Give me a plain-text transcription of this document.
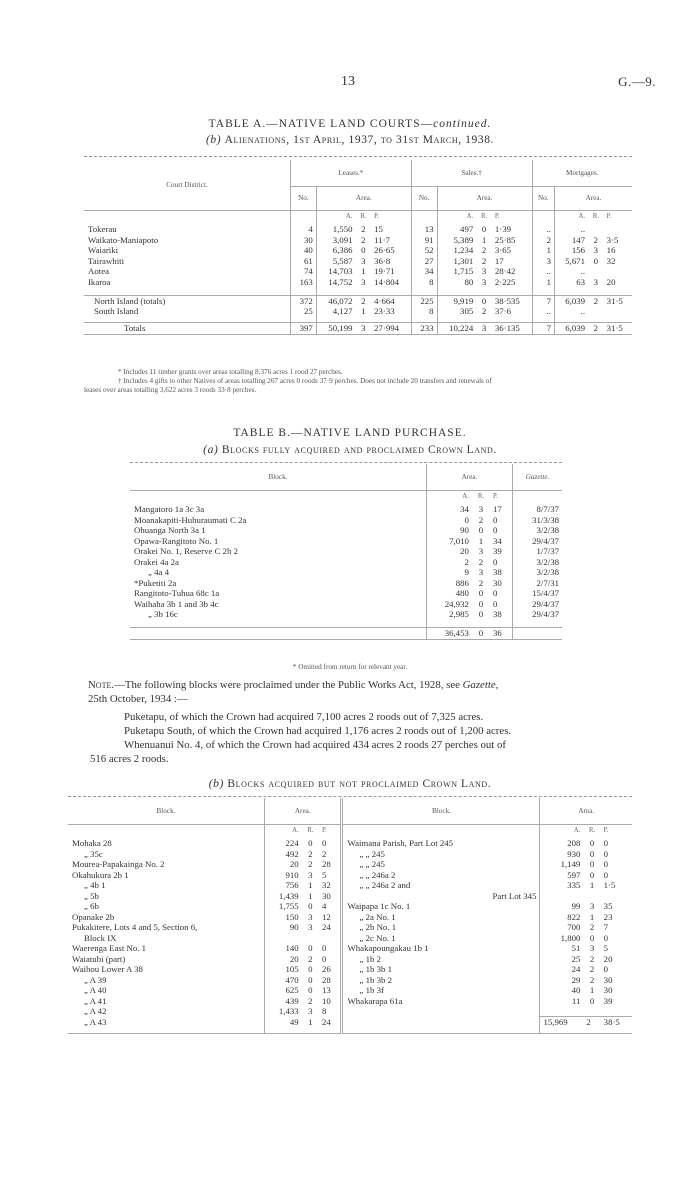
13	G.—9.
TABLE A.—NATIVE LAND COURTS—continued.
(b) Alienations, 1st April, 1937, to 31st March, 1938.
Court District.	Leases.*				Sales.†				Mortgages.			
	No.	Area.			No.	Area.			No.	Area.		
		A.	R.	P.		A.	R.	P.		A.	R.	P.
Tokerau	4	1,550	2	15	13	497	0	1·39	..	..		
Waikato-Maniapoto	30	3,091	2	11·7	91	5,389	1	25·85	2	147	2	3·5
Waiariki	40	6,386	0	26·65	52	1,234	2	3·65	1	156	3	16
Tairawhiti	61	5,587	3	36·8	27	1,301	2	17	3	5,671	0	32
Aotea	74	14,703	1	19·71	34	1,715	3	28·42	..	..		
Ikaroa	163	14,752	3	14·804	8	80	3	2·225	1	63	3	20

North Island (totals)	372	46,072	2	4·664	225	9,919	0	38·535	7	6,039	2	31·5
South Island	25	4,127	1	23·33	8	305	2	37·6	..	..		

Totals	397	50,199	3	27·994	233	10,224	3	36·135	7	6,039	2	31·5
* Includes 11 timber grants over areas totalling 8,376 acres 1 rood 27 perches.
† Includes 4 gifts to other Natives of areas totalling 267 acres 0 roods 37·9 perches. Does not include 20 transfers and renewals of
leases over areas totalling 3,622 acres 3 roods 33·8 perches.
TABLE B.—NATIVE LAND PURCHASE.
(a) Blocks fully acquired and proclaimed Crown Land.
Block.	Area.			Gazette.
	A.	R.	P.	
Mangatoro 1a 3c 3a	34	3	17	8/7/37
Moanakapiti-Huhuraumati C 2a	0	2	0	31/3/38
Ohuanga North 3a 1	90	0	0	3/2/38
Opawa-Rangitoto No. 1	7,010	1	34	29/4/37
Orakei No. 1, Reserve C 2b 2	20	3	39	1/7/37
Orakei 4a 2a	2	2	0	3/2/38
„ 4a 4	9	3	38	3/2/38
*Puketiti 2a	886	2	30	2/7/31
Rangitoto-Tuhua 68c 1a	480	0	0	15/4/37
Waihaha 3b 1 and 3b 4c	24,932	0	0	29/4/37
„ 3b 16c	2,985	0	38	29/4/37

	36,453	0	36	
* Omitted from return for relevant year.
Note.—The following blocks were proclaimed under the Public Works Act, 1928, see Gazette,
25th October, 1934 :—
Puketapu, of which the Crown had acquired 7,100 acres 2 roods out of 7,325 acres.
Puketapu South, of which the Crown had acquired 1,176 acres 2 roods out of 1,200 acres.
Whenuanui No. 4, of which the Crown had acquired 434 acres 2 roods 27 perches out of
516 acres 2 roods.
(b) Blocks acquired but not proclaimed Crown Land.
Block.	Area.			Block.	Area.		
	A.	R.	P.		A.	R.	P.
Mohaka 28	224	0	0	Waimana Parish, Part Lot 245	208	0	0
„ 35c	492	2	2	„ „ 245	930	0	0
Mourea-Papakainga No. 2	20	2	28	„ „ 245	1,149	0	0
Okahukura 2b 1	910	3	5	„ „ 246a 2	597	0	0
„ 4b 1	756	1	32	„ „ 246a 2 and	335	1	1·5
„ 5b	1,439	1	30	Part Lot 345			
„ 6b	1,755	0	4	Waipapa 1c No. 1	99	3	35
Opanake 2b	150	3	12	„ 2a No. 1	822	1	23
Pukakitere, Lots 4 and 5, Section 6,	90	3	24	„ 2b No. 1	700	2	7
Block IX				„ 2c No. 1	1,800	0	0
Waerenga East No. 1	140	0	0	Whakapoungakau 1b 1	51	3	5
Waiatubi (part)	20	2	0	„ 1b 2	25	2	20
Waihou Lower A 38	105	0	26	„ 1b 3b 1	24	2	0
„ A 39	470	0	28	„ 1b 3b 2	29	2	30
„ A 40	625	0	13	„ 1b 3f	40	1	30
„ A 41	439	2	10	Whakarapa 61a	11	0	39
„ A 42	1,433	3	8				
„ A 43	49	1	24		15,969	2	38·5
